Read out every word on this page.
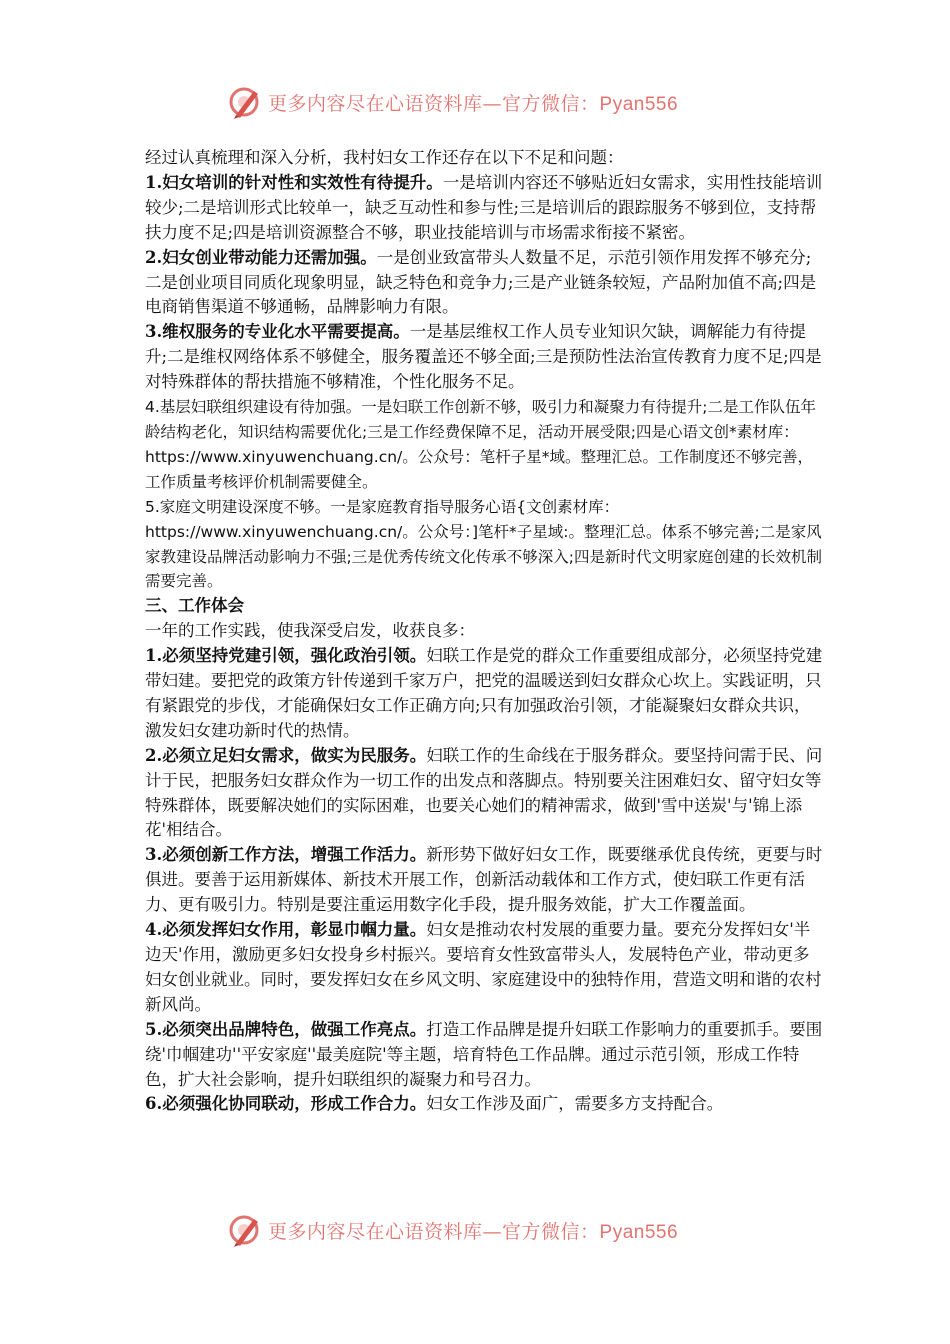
更多内容尽在心语资料库—官方微信：Pyan556

经过认真梳理和深入分析，我村妇女工作还存在以下不足和问题：

1.妇女培训的针对性和实效性有待提升。一是培训内容还不够贴近妇女需求，实用性技能培训较少;二是培训形式比较单一，缺乏互动性和参与性;三是培训后的跟踪服务不够到位，支持帮扶力度不足;四是培训资源整合不够，职业技能培训与市场需求衔接不紧密。

2.妇女创业带动能力还需加强。一是创业致富带头人数量不足，示范引领作用发挥不够充分;二是创业项目同质化现象明显，缺乏特色和竞争力;三是产业链条较短，产品附加值不高;四是电商销售渠道不够通畅，品牌影响力有限。

3.维权服务的专业化水平需要提高。一是基层维权工作人员专业知识欠缺，调解能力有待提升;二是维权网络体系不够健全，服务覆盖还不够全面;三是预防性法治宣传教育力度不足;四是对特殊群体的帮扶措施不够精准，个性化服务不足。

4.基层妇联组织建设有待加强。一是妇联工作创新不够，吸引力和凝聚力有待提升;二是工作队伍年龄结构老化，知识结构需要优化;三是工作经费保障不足，活动开展受限;四是心语文创*素材库：https://www.xinyuwenchuang.cn/。公众号：笔杆子星*域。整理汇总。工作制度还不够完善，工作质量考核评价机制需要健全。

5.家庭文明建设深度不够。一是家庭教育指导服务心语{文创素材库：https://www.xinyuwenchuang.cn/。公众号：]笔杆*子星域:。整理汇总。体系不够完善;二是家风家教建设品牌活动影响力不强;三是优秀传统文化传承不够深入;四是新时代文明家庭创建的长效机制需要完善。

三、工作体会

一年的工作实践，使我深受启发，收获良多：

1.必须坚持党建引领，强化政治引领。妇联工作是党的群众工作重要组成部分，必须坚持党建带妇建。要把党的政策方针传递到千家万户，把党的温暖送到妇女群众心坎上。实践证明，只有紧跟党的步伐，才能确保妇女工作正确方向;只有加强政治引领，才能凝聚妇女群众共识，激发妇女建功新时代的热情。

2.必须立足妇女需求，做实为民服务。妇联工作的生命线在于服务群众。要坚持问需于民、问计于民，把服务妇女群众作为一切工作的出发点和落脚点。特别要关注困难妇女、留守妇女等特殊群体，既要解决她们的实际困难，也要关心她们的精神需求，做到'雪中送炭'与'锦上添花'相结合。

3.必须创新工作方法，增强工作活力。新形势下做好妇女工作，既要继承优良传统，更要与时俱进。要善于运用新媒体、新技术开展工作，创新活动载体和工作方式，使妇联工作更有活力、更有吸引力。特别是要注重运用数字化手段，提升服务效能，扩大工作覆盖面。

4.必须发挥妇女作用，彰显巾帼力量。妇女是推动农村发展的重要力量。要充分发挥妇女'半边天'作用，激励更多妇女投身乡村振兴。要培育女性致富带头人，发展特色产业，带动更多妇女创业就业。同时，要发挥妇女在乡风文明、家庭建设中的独特作用，营造文明和谐的农村新风尚。

5.必须突出品牌特色，做强工作亮点。打造工作品牌是提升妇联工作影响力的重要抓手。要围绕'巾帼建功''平安家庭''最美庭院'等主题，培育特色工作品牌。通过示范引领，形成工作特色，扩大社会影响，提升妇联组织的凝聚力和号召力。

6.必须强化协同联动，形成工作合力。妇女工作涉及面广，需要多方支持配合。

更多内容尽在心语资料库—官方微信：Pyan556
